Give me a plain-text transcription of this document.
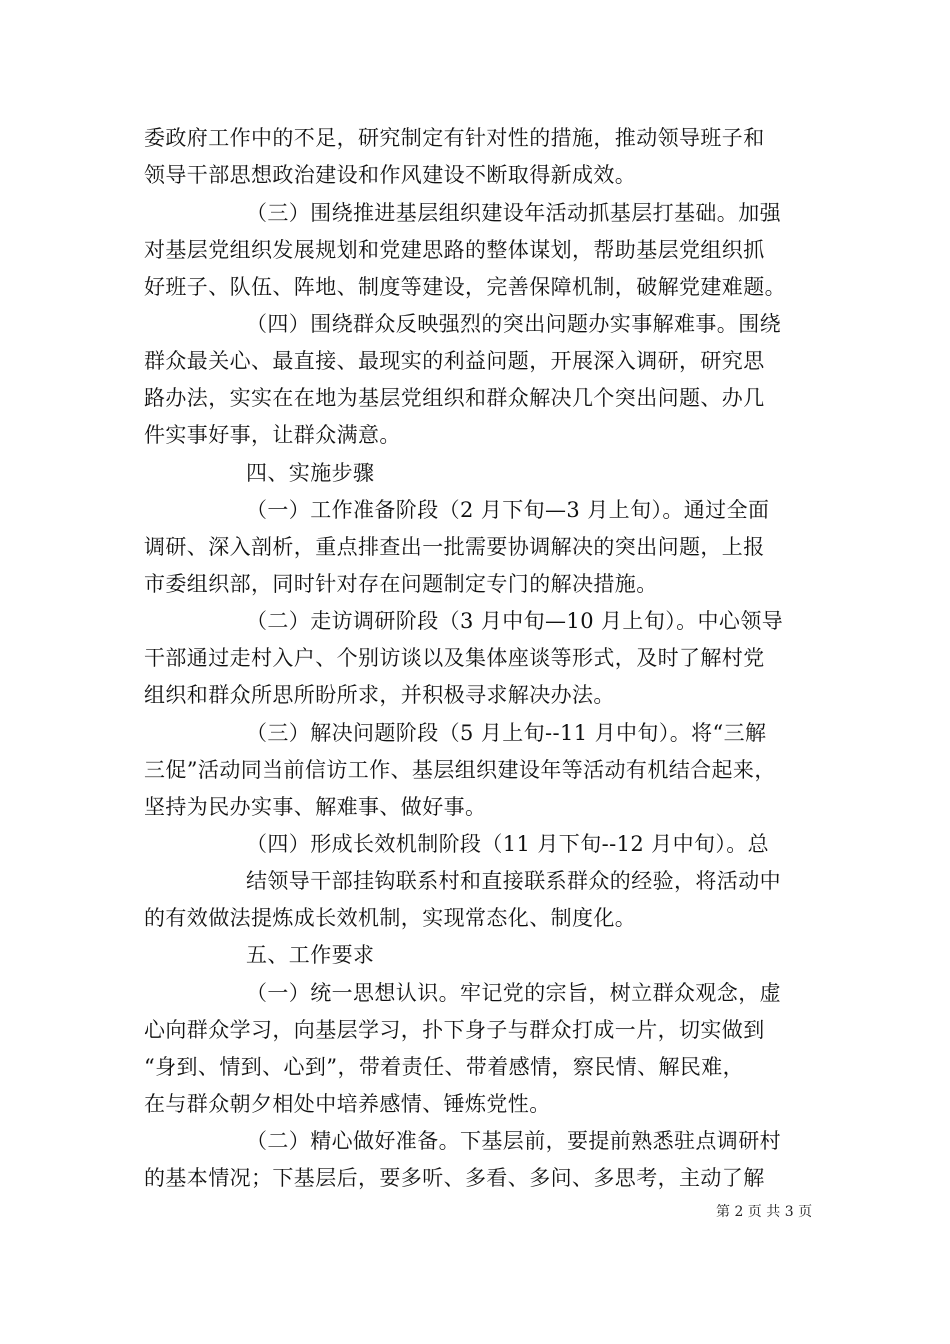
委政府工作中的不足，研究制定有针对性的措施，推动领导班子和
领导干部思想政治建设和作风建设不断取得新成效。
（三）围绕推进基层组织建设年活动抓基层打基础。加强
对基层党组织发展规划和党建思路的整体谋划，帮助基层党组织抓
好班子、队伍、阵地、制度等建设，完善保障机制，破解党建难题。
（四）围绕群众反映强烈的突出问题办实事解难事。围绕
群众最关心、最直接、最现实的利益问题，开展深入调研，研究思
路办法，实实在在地为基层党组织和群众解决几个突出问题、办几
件实事好事，让群众满意。
四、实施步骤
（一）工作准备阶段（2 月下旬—3 月上旬）。通过全面
调研、深入剖析，重点排查出一批需要协调解决的突出问题，上报
市委组织部，同时针对存在问题制定专门的解决措施。
（二）走访调研阶段（3 月中旬—10 月上旬）。中心领导
干部通过走村入户、个别访谈以及集体座谈等形式，及时了解村党
组织和群众所思所盼所求，并积极寻求解决办法。
（三）解决问题阶段（5 月上旬--11 月中旬）。将“三解
三促”活动同当前信访工作、基层组织建设年等活动有机结合起来，
坚持为民办实事、解难事、做好事。
（四）形成长效机制阶段（11 月下旬--12 月中旬）。总
结领导干部挂钩联系村和直接联系群众的经验，将活动中
的有效做法提炼成长效机制，实现常态化、制度化。
五、工作要求
（一）统一思想认识。牢记党的宗旨，树立群众观念，虚
心向群众学习，向基层学习，扑下身子与群众打成一片，切实做到
“身到、情到、心到”，带着责任、带着感情，察民情、解民难，
在与群众朝夕相处中培养感情、锤炼党性。
（二）精心做好准备。下基层前，要提前熟悉驻点调研村
的基本情况；下基层后，要多听、多看、多问、多思考，主动了解
第 2 页 共 3 页
